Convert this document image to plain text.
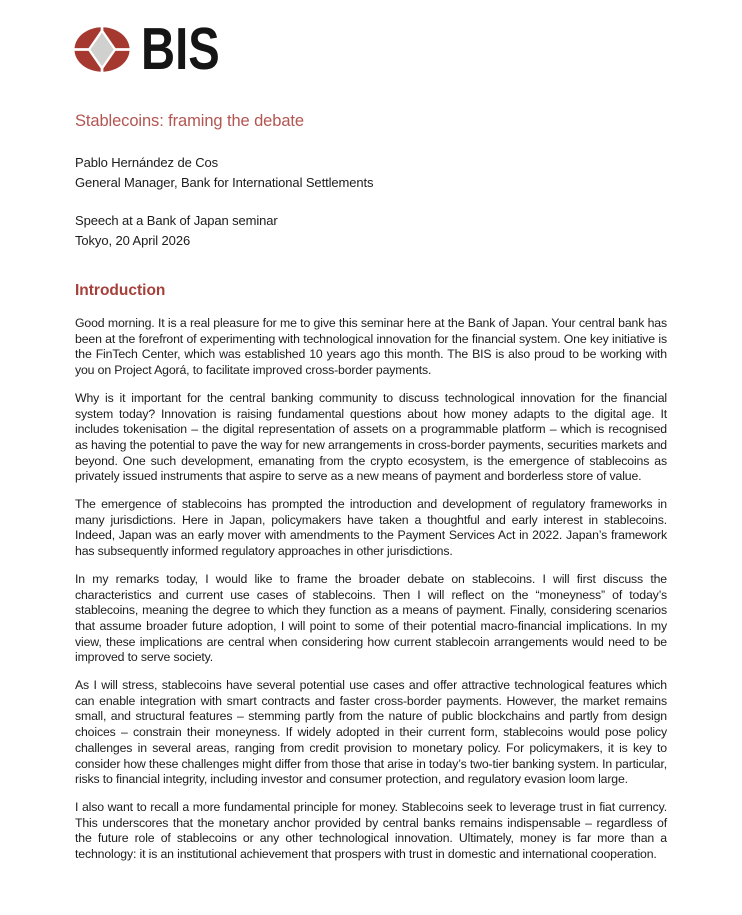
BIS
Stablecoins: framing the debate
Pablo Hernández de Cos
General Manager, Bank for International Settlements
Speech at a Bank of Japan seminar
Tokyo, 20 April 2026
Introduction

Good morning. It is a real pleasure for me to give this seminar here at the Bank of Japan. Your central bank has been at the forefront of experimenting with technological innovation for the financial system. One key initiative is the FinTech Center, which was established 10 years ago this month. The BIS is also proud to be working with you on Project Agorá, to facilitate improved cross-border payments.

Why is it important for the central banking community to discuss technological innovation for the financial system today? Innovation is raising fundamental questions about how money adapts to the digital age. It includes tokenisation – the digital representation of assets on a programmable platform – which is recognised as having the potential to pave the way for new arrangements in cross-border payments, securities markets and beyond. One such development, emanating from the crypto ecosystem, is the emergence of stablecoins as privately issued instruments that aspire to serve as a new means of payment and borderless store of value.

The emergence of stablecoins has prompted the introduction and development of regulatory frameworks in many jurisdictions. Here in Japan, policymakers have taken a thoughtful and early interest in stablecoins. Indeed, Japan was an early mover with amendments to the Payment Services Act in 2022. Japan’s framework has subsequently informed regulatory approaches in other jurisdictions.

In my remarks today, I would like to frame the broader debate on stablecoins. I will first discuss the characteristics and current use cases of stablecoins. Then I will reflect on the “moneyness” of today’s stablecoins, meaning the degree to which they function as a means of payment. Finally, considering scenarios that assume broader future adoption, I will point to some of their potential macro-financial implications. In my view, these implications are central when considering how current stablecoin arrangements would need to be improved to serve society.

As I will stress, stablecoins have several potential use cases and offer attractive technological features which can enable integration with smart contracts and faster cross-border payments. However, the market remains small, and structural features – stemming partly from the nature of public blockchains and partly from design choices – constrain their moneyness. If widely adopted in their current form, stablecoins would pose policy challenges in several areas, ranging from credit provision to monetary policy. For policymakers, it is key to consider how these challenges might differ from those that arise in today’s two-tier banking system. In particular, risks to financial integrity, including investor and consumer protection, and regulatory evasion loom large.

I also want to recall a more fundamental principle for money. Stablecoins seek to leverage trust in fiat currency. This underscores that the monetary anchor provided by central banks remains indispensable – regardless of the future role of stablecoins or any other technological innovation. Ultimately, money is far more than a technology: it is an institutional achievement that prospers with trust in domestic and international cooperation.
